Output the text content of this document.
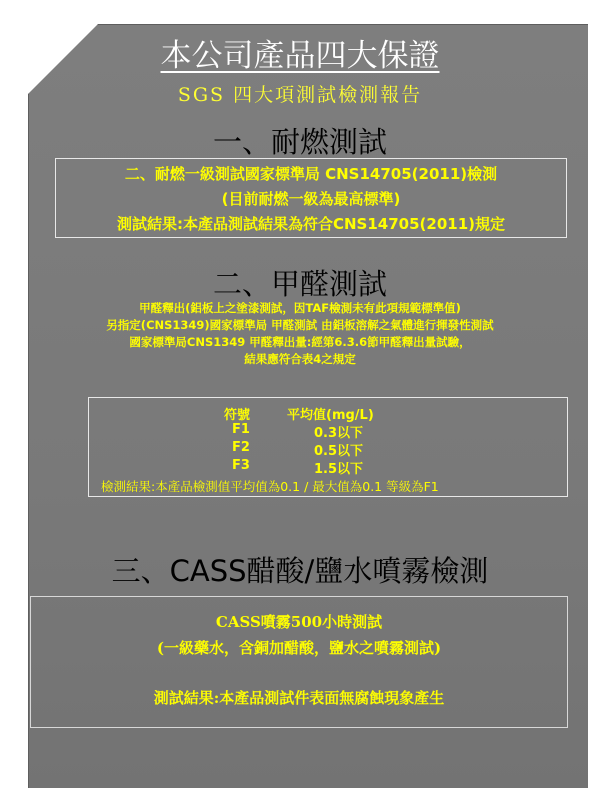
本公司產品四大保證
SGS 四大項測試檢測報告
一、耐燃測試
二、耐燃一級測試國家標準局 CNS14705(2011)檢測
(目前耐燃一級為最高標準)
測試結果:本產品測試結果為符合CNS14705(2011)規定
二、甲醛測試
甲醛釋出(鋁板上之塗漆測試，因TAF檢測未有此項規範標準值)
另指定(CNS1349)國家標準局 甲醛測試 由鋁板溶解之氣體進行揮發性測試
國家標準局CNS1349 甲醛釋出量:經第6.3.6節甲醛釋出量試驗，
結果應符合表4之規定
符號	平均值(mg/L)
F1	0.3以下
F2	0.5以下
F3	1.5以下
檢測結果:本產品檢測值平均值為0.1 / 最大值為0.1 等級為F1
三、CASS醋酸/鹽水噴霧檢測
CASS噴霧500小時測試
(一級藥水，含銅加醋酸，鹽水之噴霧測試)
測試結果:本產品測試件表面無腐蝕現象產生
